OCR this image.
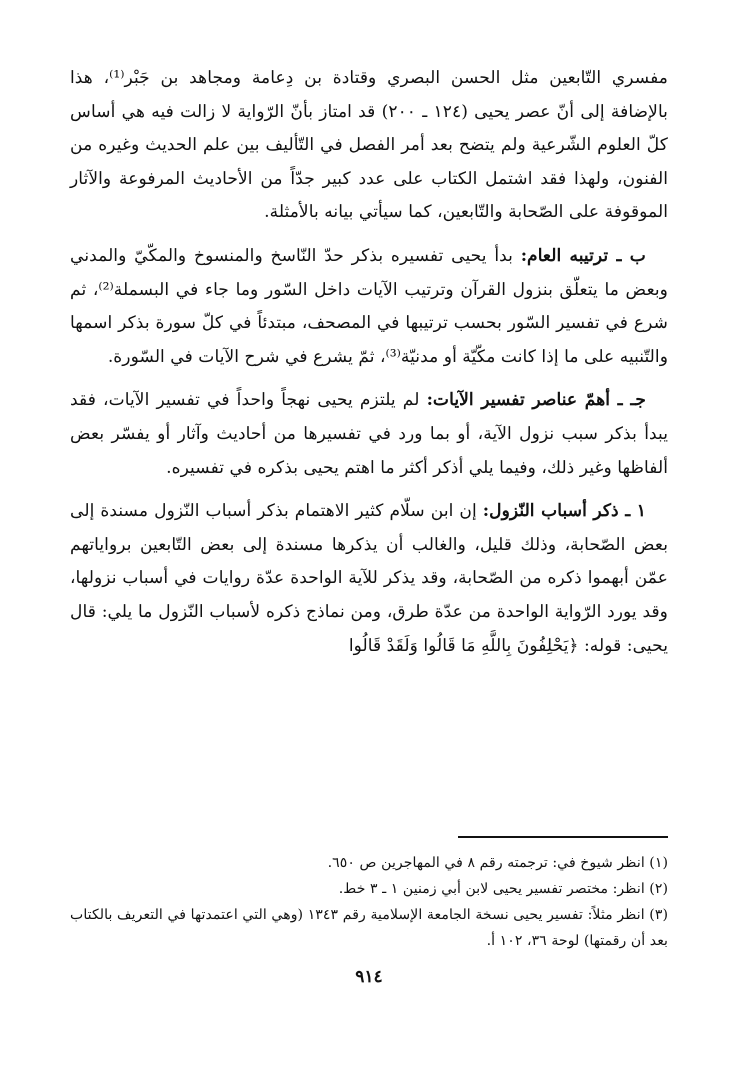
مفسري التّابعين مثل الحسن البصري وقتادة بن دِعامة ومجاهد بن جَبْر⁽¹⁾، هذا بالإضافة إلى أنّ عصر يحيى (١٢٤ ـ ٢٠٠) قد امتاز بأنّ الرّواية لا زالت فيه هي أساس كلّ العلوم الشّرعية ولم يتضح بعد أمر الفصل في التّأليف بين علم الحديث وغيره من الفنون، ولهذا فقد اشتمل الكتاب على عدد كبير جدّاً من الأحاديث المرفوعة والآثار الموقوفة على الصّحابة والتّابعين، كما سيأتي بيانه بالأمثلة.

ب ـ ترتيبه العام: بدأ يحيى تفسيره بذكر حدّ النّاسخ والمنسوخ والمكّيّ والمدني وبعض ما يتعلّق بنزول القرآن وترتيب الآيات داخل السّور وما جاء في البسملة⁽²⁾، ثم شرع في تفسير السّور بحسب ترتيبها في المصحف، مبتدئاً في كلّ سورة بذكر اسمها والتّنبيه على ما إذا كانت مكّيّة أو مدنيّة⁽³⁾، ثمّ يشرع في شرح الآيات في السّورة.

جـ ـ أهمّ عناصر تفسير الآيات: لم يلتزم يحيى نهجاً واحداً في تفسير الآيات، فقد يبدأ بذكر سبب نزول الآية، أو بما ورد في تفسيرها من أحاديث وآثار أو يفسّر بعض ألفاظها وغير ذلك، وفيما يلي أذكر أكثر ما اهتم يحيى بذكره في تفسيره.

١ ـ ذكر أسباب النّزول: إن ابن سلّام كثير الاهتمام بذكر أسباب النّزول مسندة إلى بعض الصّحابة، وذلك قليل، والغالب أن يذكرها مسندة إلى بعض التّابعين برواياتهم عمّن أبهموا ذكره من الصّحابة، وقد يذكر للآية الواحدة عدّة روايات في أسباب نزولها، وقد يورد الرّواية الواحدة من عدّة طرق، ومن نماذج ذكره لأسباب النّزول ما يلي: قال يحيى: قوله: ﴿يَحْلِفُونَ بِاللَّهِ مَا قَالُوا وَلَقَدْ قَالُوا

(١) انظر شيوخ في: ترجمته رقم ٨ في المهاجرين ص ٦٥٠.

(٢) انظر: مختصر تفسير يحيى لابن أبي زمنين ١ ـ ٣ خط.

(٣) انظر مثلاً: تفسير يحيى نسخة الجامعة الإسلامية رقم ١٣٤٣ (وهي التي اعتمدتها في التعريف بالكتاب بعد أن رقمتها) لوحة ٣٦، ١٠٢ أ.

٩١٤
